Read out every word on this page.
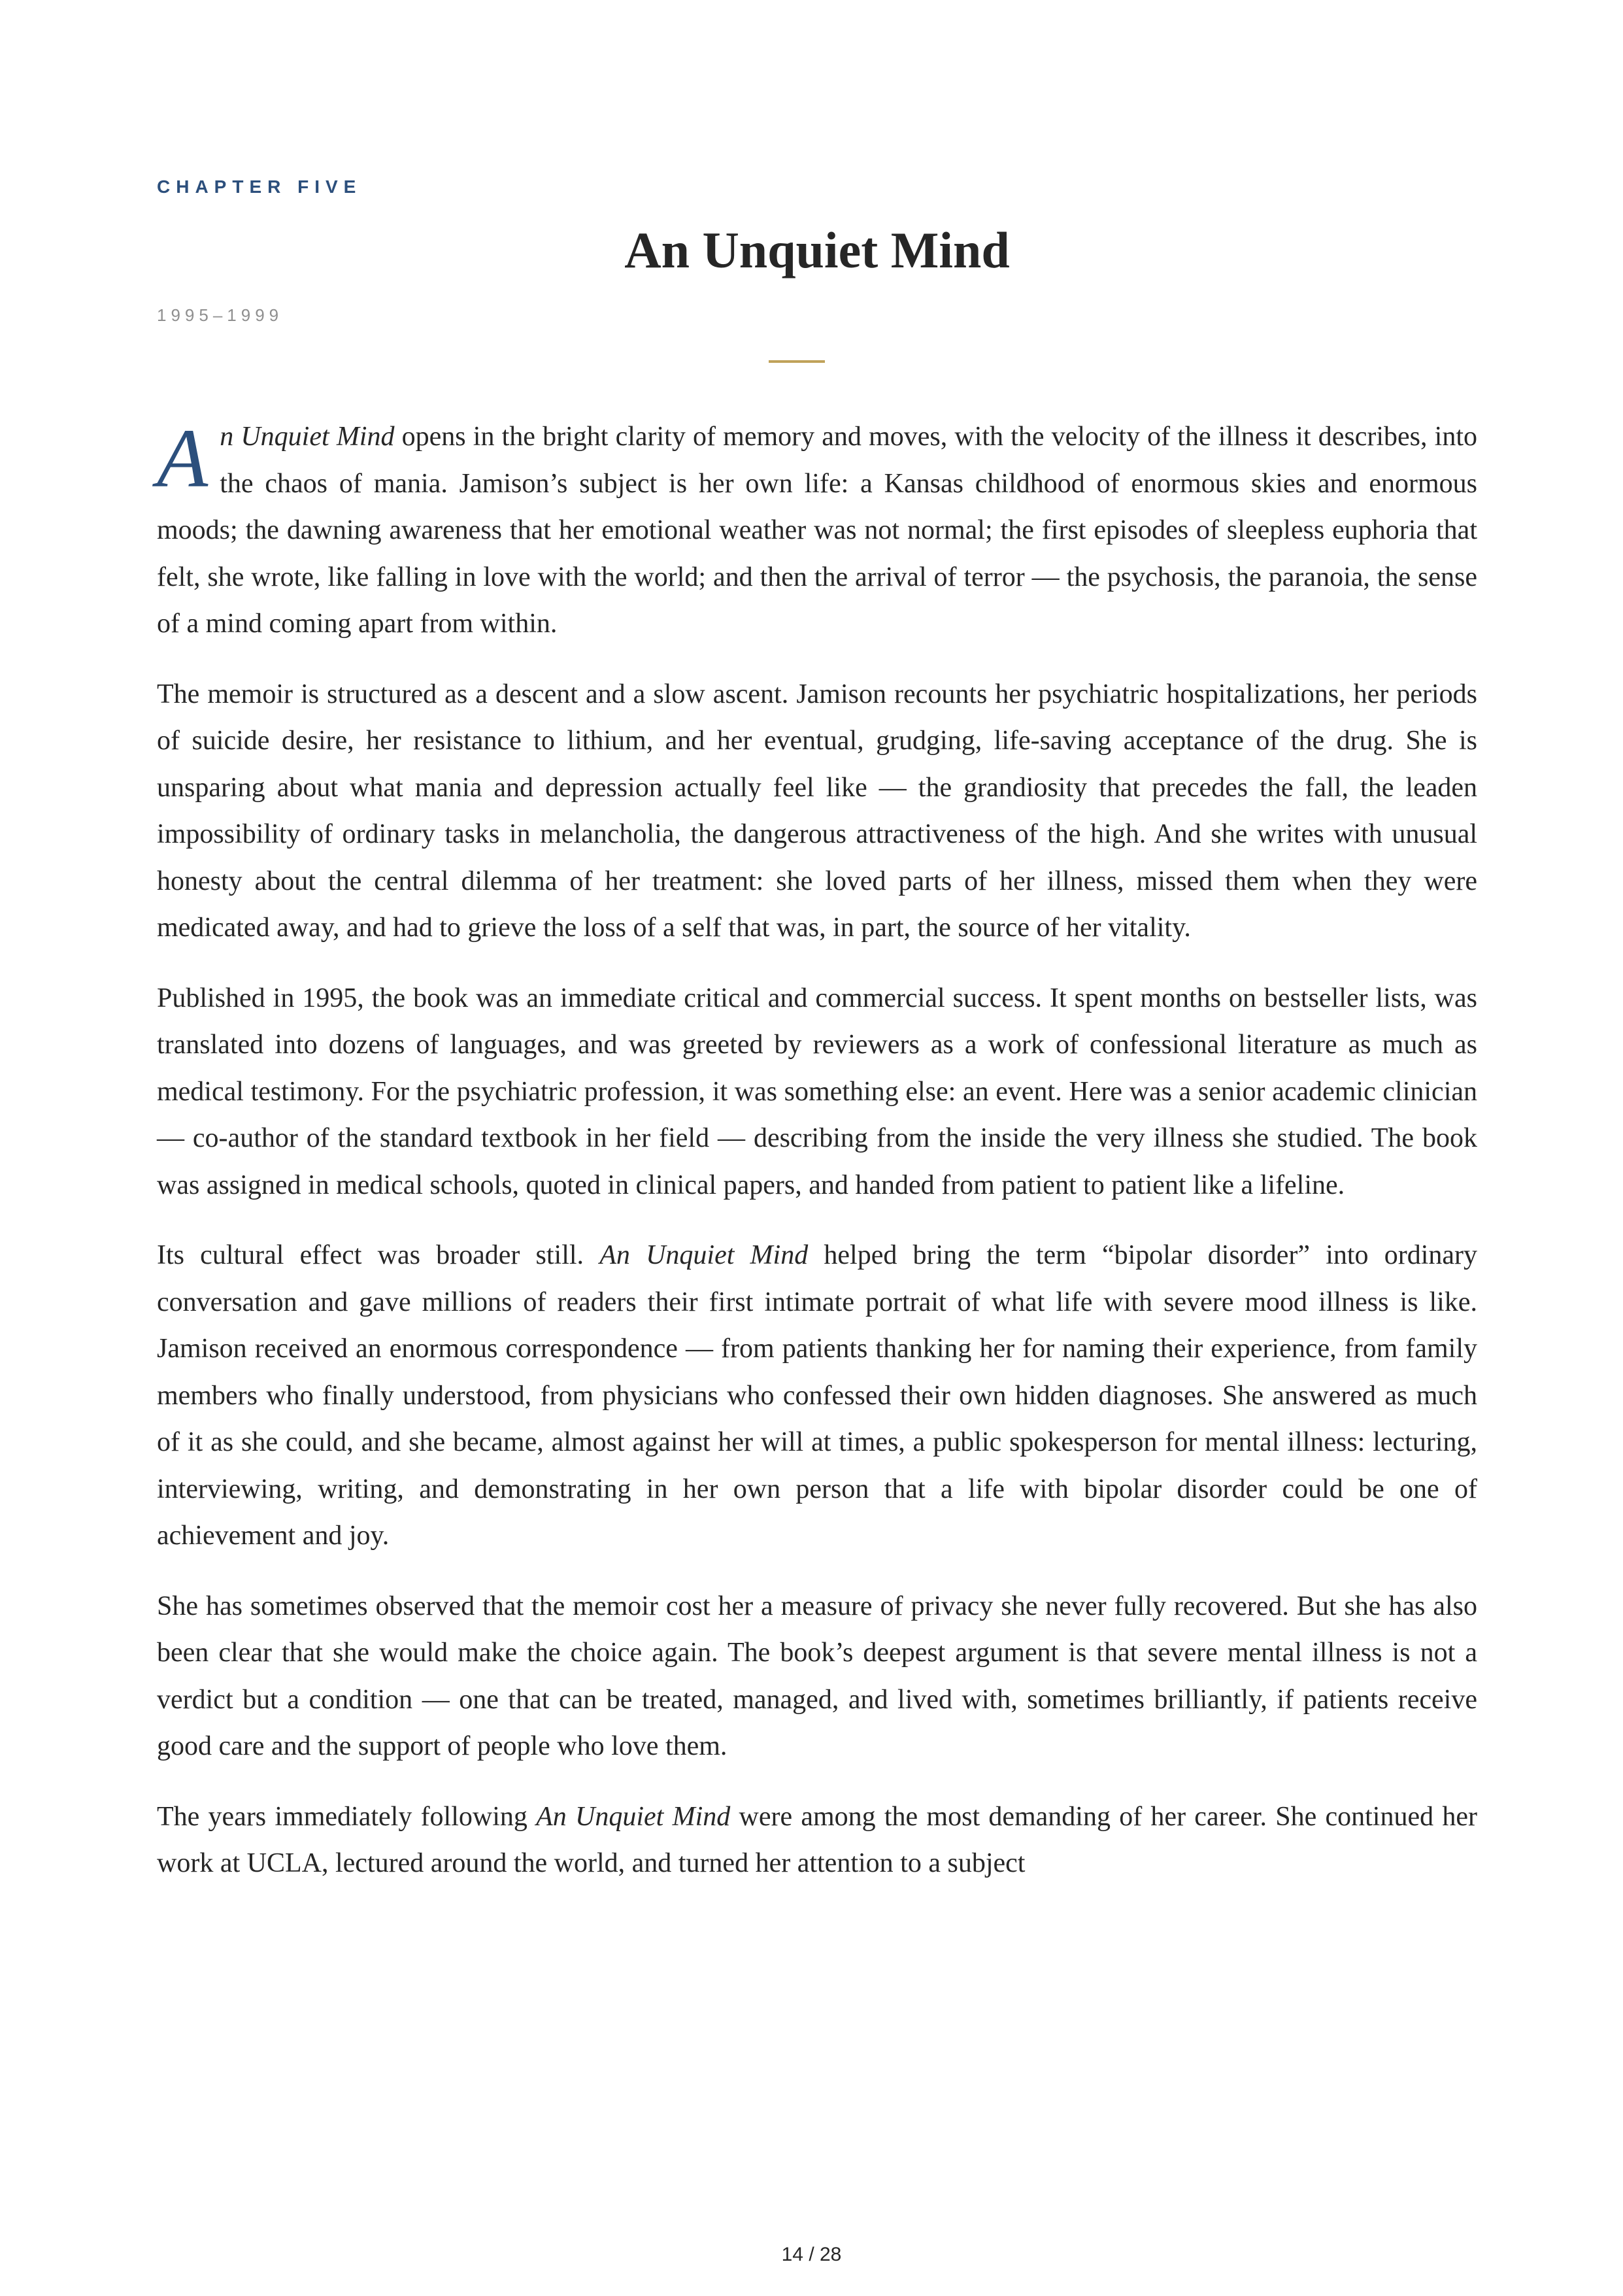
CHAPTER FIVE
An Unquiet Mind
1995–1999

An Unquiet Mind opens in the bright clarity of memory and moves, with the velocity of the illness it describes, into the chaos of mania. Jamison’s subject is her own life: a Kansas childhood of enormous skies and enormous moods; the dawning awareness that her emotional weather was not normal; the first episodes of sleepless euphoria that felt, she wrote, like falling in love with the world; and then the arrival of terror — the psychosis, the paranoia, the sense of a mind coming apart from within.

The memoir is structured as a descent and a slow ascent. Jamison recounts her psychiatric hospitalizations, her periods of suicide desire, her resistance to lithium, and her eventual, grudging, life-saving acceptance of the drug. She is unsparing about what mania and depression actually feel like — the grandiosity that precedes the fall, the leaden impossibility of ordinary tasks in melancholia, the dangerous attractiveness of the high. And she writes with unusual honesty about the central dilemma of her treatment: she loved parts of her illness, missed them when they were medicated away, and had to grieve the loss of a self that was, in part, the source of her vitality.

Published in 1995, the book was an immediate critical and commercial success. It spent months on bestseller lists, was translated into dozens of languages, and was greeted by reviewers as a work of confessional literature as much as medical testimony. For the psychiatric profession, it was something else: an event. Here was a senior academic clinician — co-author of the standard textbook in her field — describing from the inside the very illness she studied. The book was assigned in medical schools, quoted in clinical papers, and handed from patient to patient like a lifeline.

Its cultural effect was broader still. An Unquiet Mind helped bring the term “bipolar disorder” into ordinary conversation and gave millions of readers their first intimate portrait of what life with severe mood illness is like. Jamison received an enormous correspondence — from patients thanking her for naming their experience, from family members who finally understood, from physicians who confessed their own hidden diagnoses. She answered as much of it as she could, and she became, almost against her will at times, a public spokesperson for mental illness: lecturing, interviewing, writing, and demonstrating in her own person that a life with bipolar disorder could be one of achievement and joy.

She has sometimes observed that the memoir cost her a measure of privacy she never fully recovered. But she has also been clear that she would make the choice again. The book’s deepest argument is that severe mental illness is not a verdict but a condition — one that can be treated, managed, and lived with, sometimes brilliantly, if patients receive good care and the support of people who love them.

The years immediately following An Unquiet Mind were among the most demanding of her career. She continued her work at UCLA, lectured around the world, and turned her attention to a subject

14 / 28
